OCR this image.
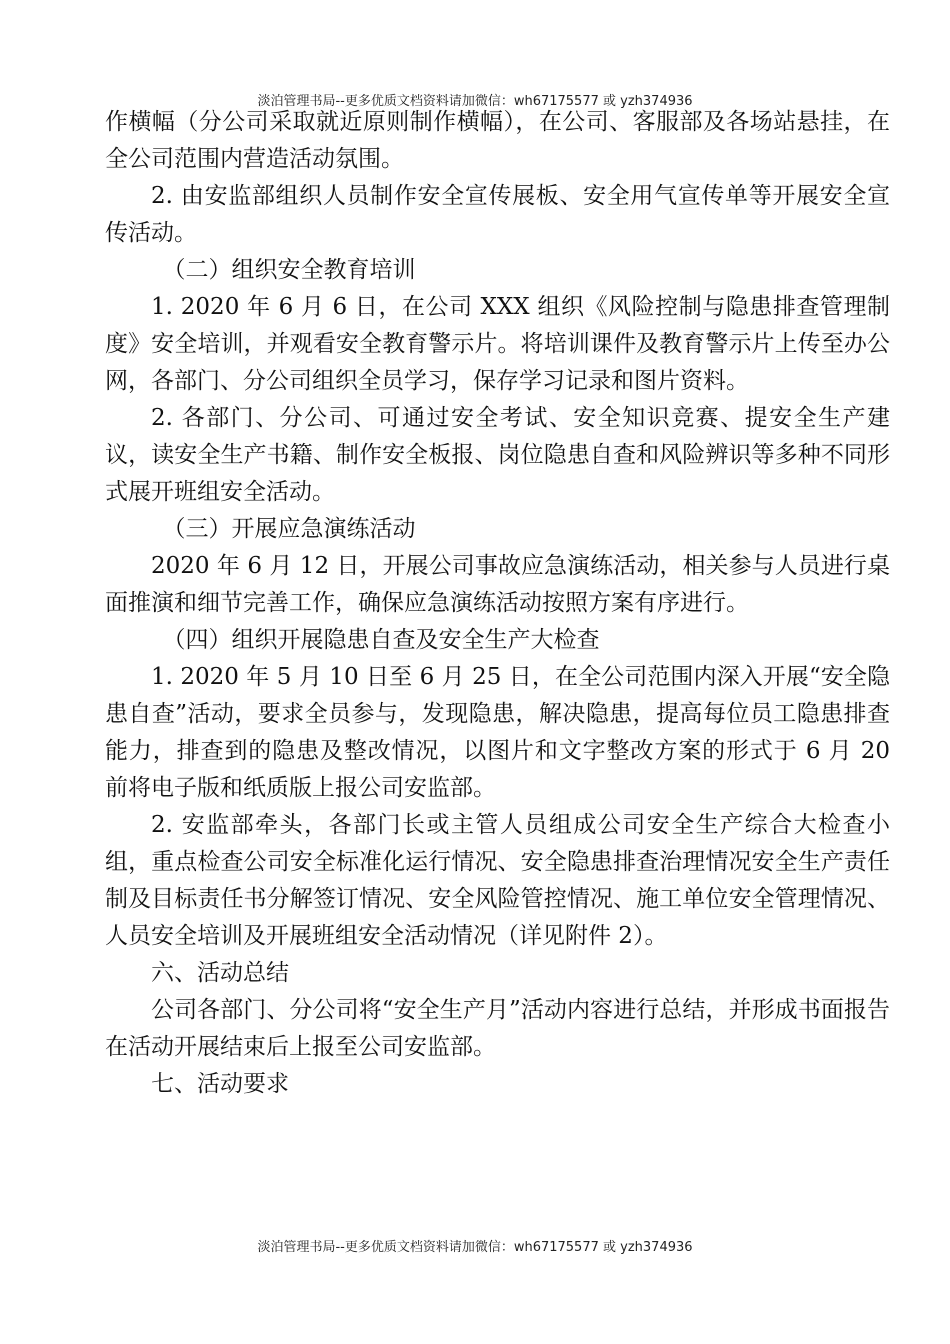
淡泊管理书局--更多优质文档资料请加微信：wh67175577 或 yzh374936

作横幅（分公司采取就近原则制作横幅），在公司、客服部及各场站悬挂，在全公司范围内营造活动氛围。

2. 由安监部组织人员制作安全宣传展板、安全用气宣传单等开展安全宣传活动。

（二）组织安全教育培训

1. 2020 年 6 月 6 日，在公司 XXX 组织《风险控制与隐患排查管理制度》安全培训，并观看安全教育警示片。将培训课件及教育警示片上传至办公网，各部门、分公司组织全员学习，保存学习记录和图片资料。

2. 各部门、分公司、可通过安全考试、安全知识竞赛、提安全生产建议，读安全生产书籍、制作安全板报、岗位隐患自查和风险辨识等多种不同形式展开班组安全活动。

（三）开展应急演练活动

2020 年 6 月 12 日，开展公司事故应急演练活动，相关参与人员进行桌面推演和细节完善工作，确保应急演练活动按照方案有序进行。

（四）组织开展隐患自查及安全生产大检查

1. 2020 年 5 月 10 日至 6 月 25 日，在全公司范围内深入开展“安全隐患自查”活动，要求全员参与，发现隐患，解决隐患，提高每位员工隐患排查能力，排查到的隐患及整改情况，以图片和文字整改方案的形式于 6 月 20 前将电子版和纸质版上报公司安监部。

2. 安监部牵头，各部门长或主管人员组成公司安全生产综合大检查小组，重点检查公司安全标准化运行情况、安全隐患排查治理情况安全生产责任制及目标责任书分解签订情况、安全风险管控情况、施工单位安全管理情况、人员安全培训及开展班组安全活动情况（详见附件 2）。

六、活动总结

公司各部门、分公司将“安全生产月”活动内容进行总结，并形成书面报告在活动开展结束后上报至公司安监部。

七、活动要求

淡泊管理书局--更多优质文档资料请加微信：wh67175577 或 yzh374936
